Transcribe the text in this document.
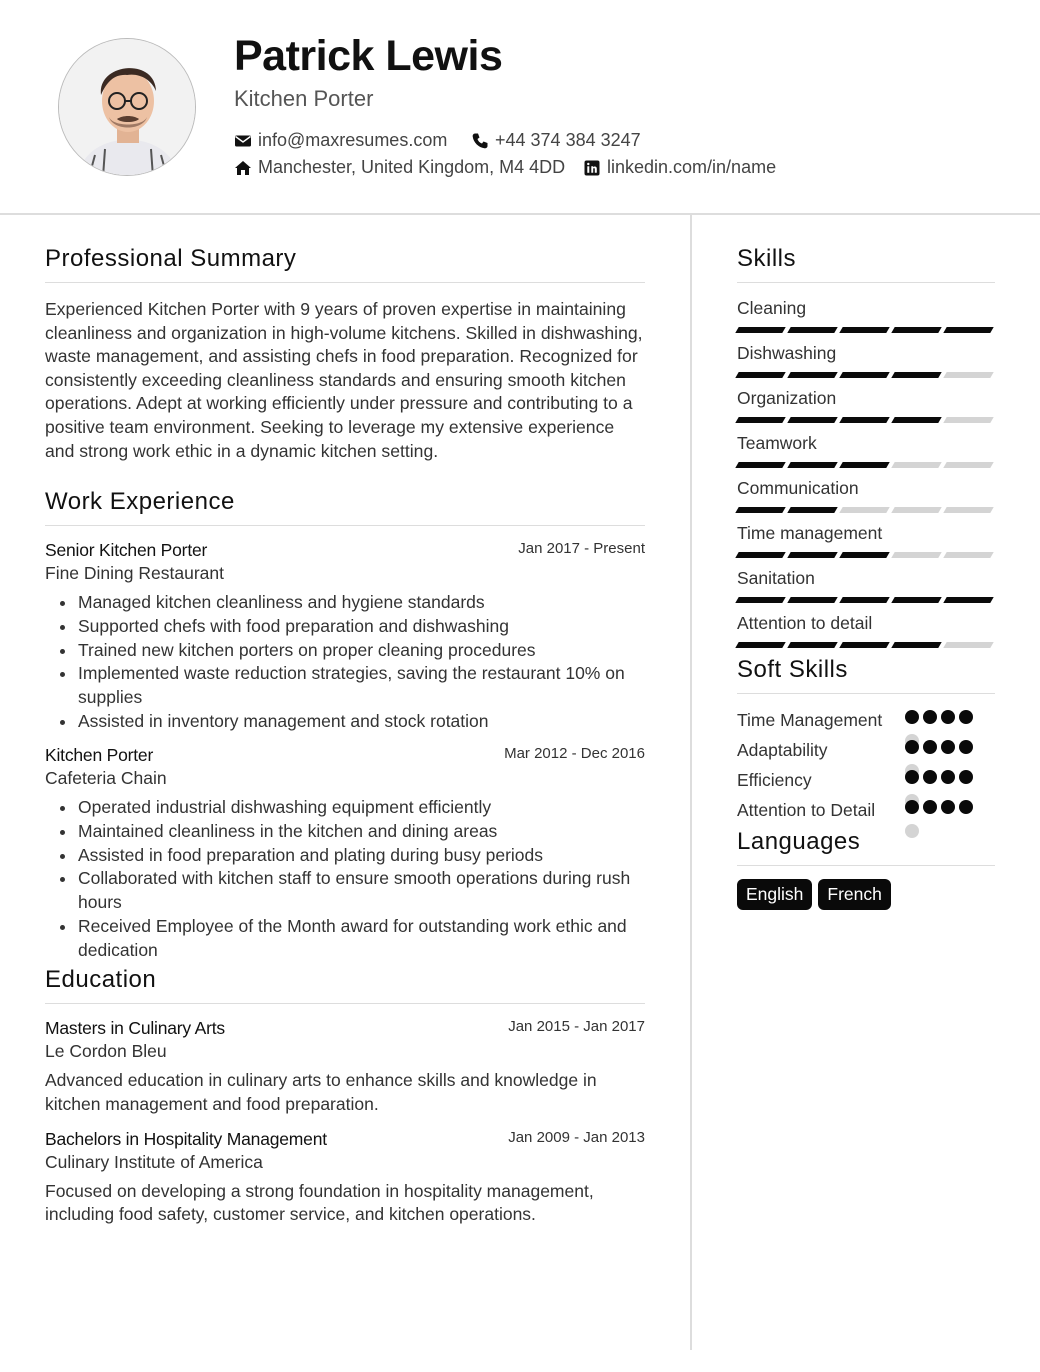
Patrick Lewis
Kitchen Porter
info@maxresumes.com	+44 374 384 3247
Manchester, United Kingdom, M4 4DD linkedin.com/in/name
Professional Summary

Experienced Kitchen Porter with 9 years of proven expertise in maintaining cleanliness and organization in high-volume kitchens. Skilled in dishwashing, waste management, and assisting chefs in food preparation. Recognized for consistently exceeding cleanliness standards and ensuring smooth kitchen operations. Adept at working efficiently under pressure and contributing to a positive team environment. Seeking to leverage my extensive experience and strong work ethic in a dynamic kitchen setting.

Work Experience
Senior Kitchen Porter	Jan 2017 - Present
Fine Dining Restaurant
Managed kitchen cleanliness and hygiene standards
Supported chefs with food preparation and dishwashing
Trained new kitchen porters on proper cleaning procedures
Implemented waste reduction strategies, saving the restaurant 10% on supplies
Assisted in inventory management and stock rotation
Kitchen Porter	Mar 2012 - Dec 2016
Cafeteria Chain
Operated industrial dishwashing equipment efficiently
Maintained cleanliness in the kitchen and dining areas
Assisted in food preparation and plating during busy periods
Collaborated with kitchen staff to ensure smooth operations during rush hours
Received Employee of the Month award for outstanding work ethic and dedication
Education
Masters in Culinary Arts	Jan 2015 - Jan 2017
Le Cordon Bleu

Advanced education in culinary arts to enhance skills and knowledge in kitchen management and food preparation.

Bachelors in Hospitality Management	Jan 2009 - Jan 2013
Culinary Institute of America

Focused on developing a strong foundation in hospitality management, including food safety, customer service, and kitchen operations.

Skills
Cleaning
Dishwashing
Organization
Teamwork
Communication
Time management
Sanitation
Attention to detail
Soft Skills
Time Management
Adaptability
Efficiency
Attention to Detail
Languages
English	French
